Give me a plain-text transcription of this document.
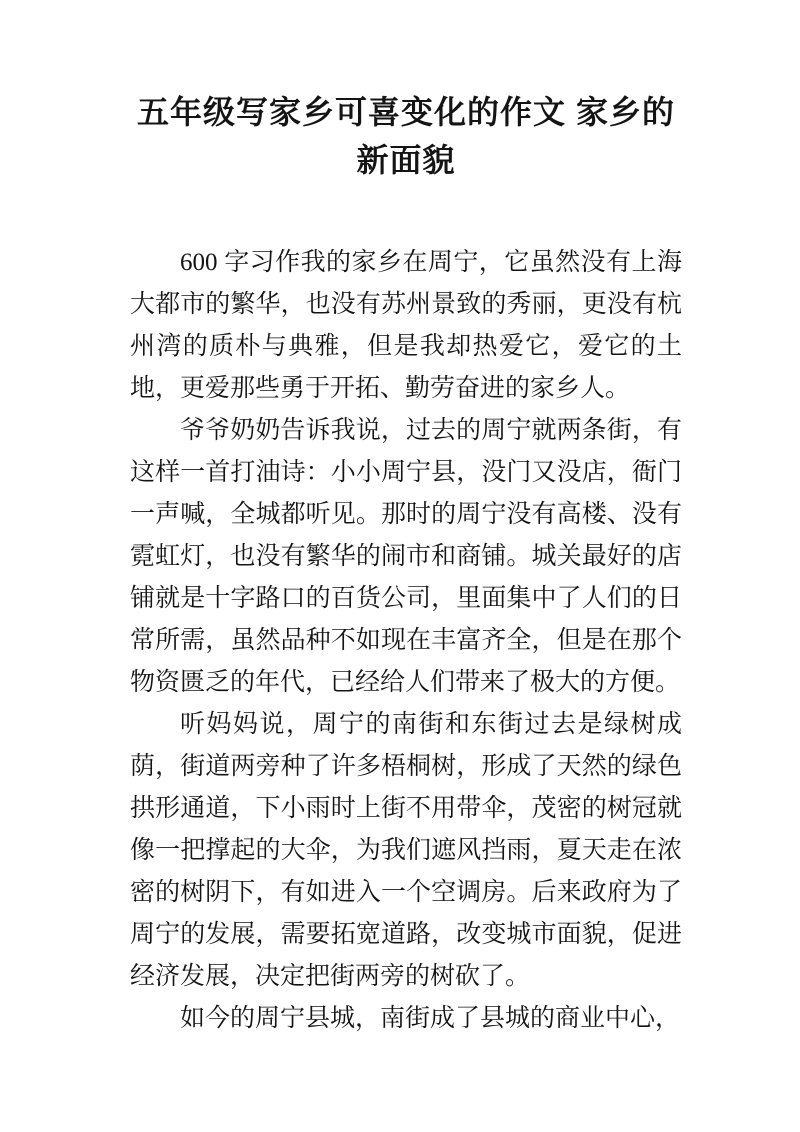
五年级写家乡可喜变化的作文 家乡的
新面貌

600 字习作我的家乡在周宁，它虽然没有上海大都市的繁华，也没有苏州景致的秀丽，更没有杭州湾的质朴与典雅，但是我却热爱它，爱它的土地，更爱那些勇于开拓、勤劳奋进的家乡人。

爷爷奶奶告诉我说，过去的周宁就两条街，有这样一首打油诗：小小周宁县，没门又没店，衙门一声喊，全城都听见。那时的周宁没有高楼、没有霓虹灯，也没有繁华的闹市和商铺。城关最好的店铺就是十字路口的百货公司，里面集中了人们的日常所需，虽然品种不如现在丰富齐全，但是在那个物资匮乏的年代，已经给人们带来了极大的方便。

听妈妈说，周宁的南街和东街过去是绿树成荫，街道两旁种了许多梧桐树，形成了天然的绿色拱形通道，下小雨时上街不用带伞，茂密的树冠就像一把撑起的大伞，为我们遮风挡雨，夏天走在浓密的树阴下，有如进入一个空调房。后来政府为了周宁的发展，需要拓宽道路，改变城市面貌，促进经济发展，决定把街两旁的树砍了。

如今的周宁县城，南街成了县城的商业中心，
